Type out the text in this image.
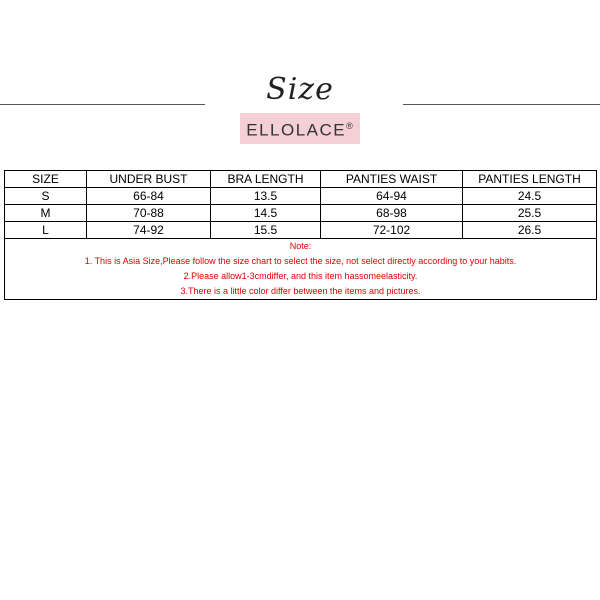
Size
ELLOLACE®
SIZE	UNDER BUST	BRA LENGTH	PANTIES WAIST	PANTIES LENGTH
S	66-84	13.5	64-94	24.5
M	70-88	14.5	68-98	25.5
L	74-92	15.5	72-102	26.5

Note:
1. This is Asia Size,Please follow the size chart to select the size, not select directly according to your habits.
2.Please allow1-3cmdiffer, and this item hassomeelasticity.
3.There is a little color differ between the items and pictures.				
